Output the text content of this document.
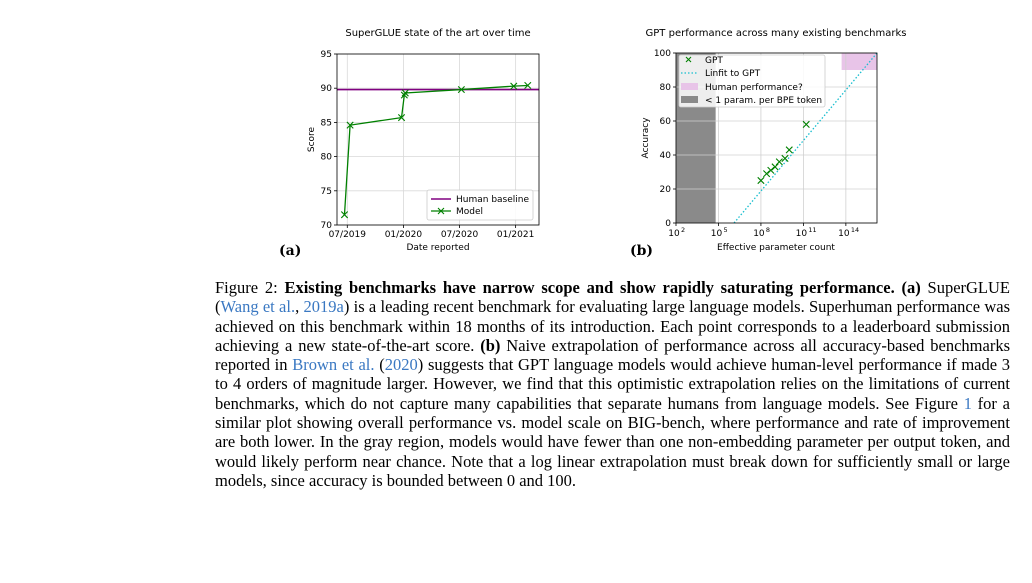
SuperGLUE state of the art over time
70
75
80
85
90
95
07/2019 01/2020 07/2020 01/2021
Date reported
Score
Human baseline
Model
(a)
GPT performance across many existing benchmarks
0
20
40
60
80
100
10 2	10 5	10 8	10 11 10 14
Effective parameter count
Accuracy
GPT
Linfit to GPT
Human performance?
< 1 param. per BPE token
(b)
Figure 2: Existing benchmarks have narrow scope and show rapidly saturating performance. (a) SuperGLUE (Wang et al., 2019a) is a leading recent benchmark for evaluating large language models. Superhuman performance was achieved on this benchmark within 18 months of its introduction. Each point corresponds to a leaderboard submission achieving a new state-of-the-art score. (b) Naive extrapolation of performance across all accuracy-based benchmarks reported in Brown et al. (2020) suggests that GPT language models would achieve human-level performance if made 3 to 4 orders of magnitude larger. However, we find that this optimistic extrapolation relies on the limitations of current benchmarks, which do not capture many capabilities that separate humans from language models. See Figure 1 for a similar plot showing overall performance vs. model scale on BIG-bench, where performance and rate of improvement are both lower. In the gray region, models would have fewer than one non-embedding parameter per output token, and would likely perform near chance. Note that a log linear extrapolation must break down for sufficiently small or large models, since accuracy is bounded between 0 and 100.
